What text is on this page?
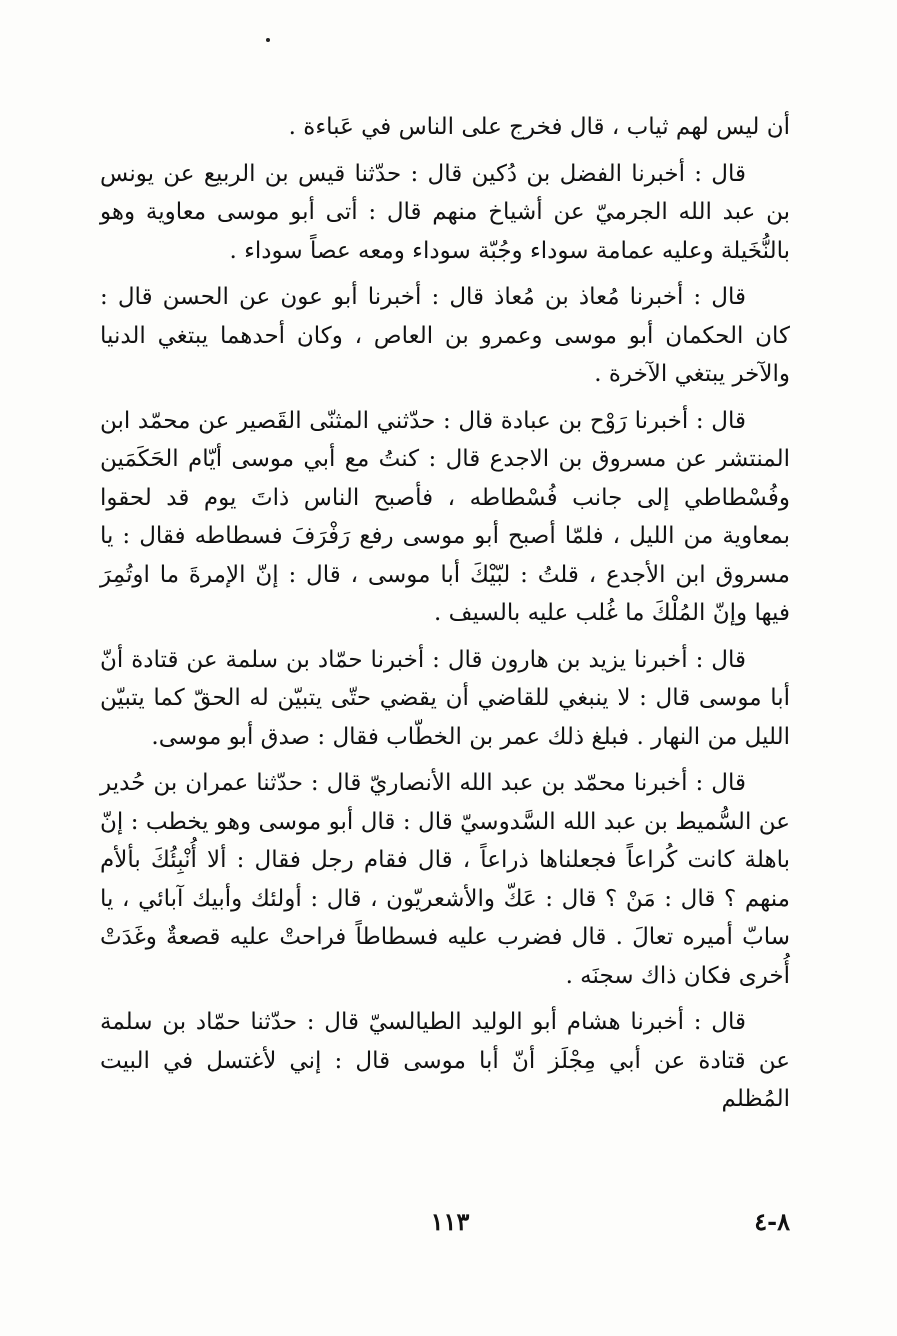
أن ليس لهم ثياب ، قال فخرج على الناس في عَباءة .

قال : أخبرنا الفضل بن دُكين قال : حدّثنا قيس بن الربيع عن يونس بن عبد الله الجرميّ عن أشياخ منهم قال : أتى أبو موسى معاوية وهو بالنُّخَيلة وعليه عمامة سوداء وجُبّة سوداء ومعه عصاً سوداء .

قال : أخبرنا مُعاذ بن مُعاذ قال : أخبرنا أبو عون عن الحسن قال : كان الحكمان أبو موسى وعمرو بن العاص ، وكان أحدهما يبتغي الدنيا والآخر يبتغي الآخرة .

قال : أخبرنا رَوْح بن عبادة قال : حدّثني المثنّى القَصير عن محمّد ابن المنتشر عن مسروق بن الاجدع قال : كنتُ مع أبي موسى أيّام الحَكَمَين وفُسْطاطي إلى جانب فُسْطاطه ، فأصبح الناس ذاتَ يوم قد لحقوا بمعاوية من الليل ، فلمّا أصبح أبو موسى رفع رَفْرَفَ فسطاطه فقال : يا مسروق ابن الأجدع ، قلتُ : لبّيْكَ أبا موسى ، قال : إنّ الإمرةَ ما اوتُمِرَ فيها وإنّ المُلْكَ ما غُلب عليه بالسيف .

قال : أخبرنا يزيد بن هارون قال : أخبرنا حمّاد بن سلمة عن قتادة أنّ أبا موسى قال : لا ينبغي للقاضي أن يقضي حتّى يتبيّن له الحقّ كما يتبيّن الليل من النهار . فبلغ ذلك عمر بن الخطّاب فقال : صدق أبو موسى.

قال : أخبرنا محمّد بن عبد الله الأنصاريّ قال : حدّثنا عمران بن حُدير عن السُّميط بن عبد الله السَّدوسيّ قال : قال أبو موسى وهو يخطب : إنّ باهلة كانت كُراعاً فجعلناها ذراعاً ، قال فقام رجل فقال : ألا أُنْبِئُكَ بألأم منهم ؟ قال : مَنْ ؟ قال : عَكّ والأشعريّون ، قال : أولئك وأبيك آبائي ، يا سابّ أميره تعالَ . قال فضرب عليه فسطاطاً فراحتْ عليه قصعةٌ وغَدَتْ أُخرى فكان ذاك سجنَه .

قال : أخبرنا هشام أبو الوليد الطيالسيّ قال : حدّثنا حمّاد بن سلمة عن قتادة عن أبي مِجْلَز أنّ أبا موسى قال : إني لأغتسل في البيت المُظلم

١١٣	٨-٤
